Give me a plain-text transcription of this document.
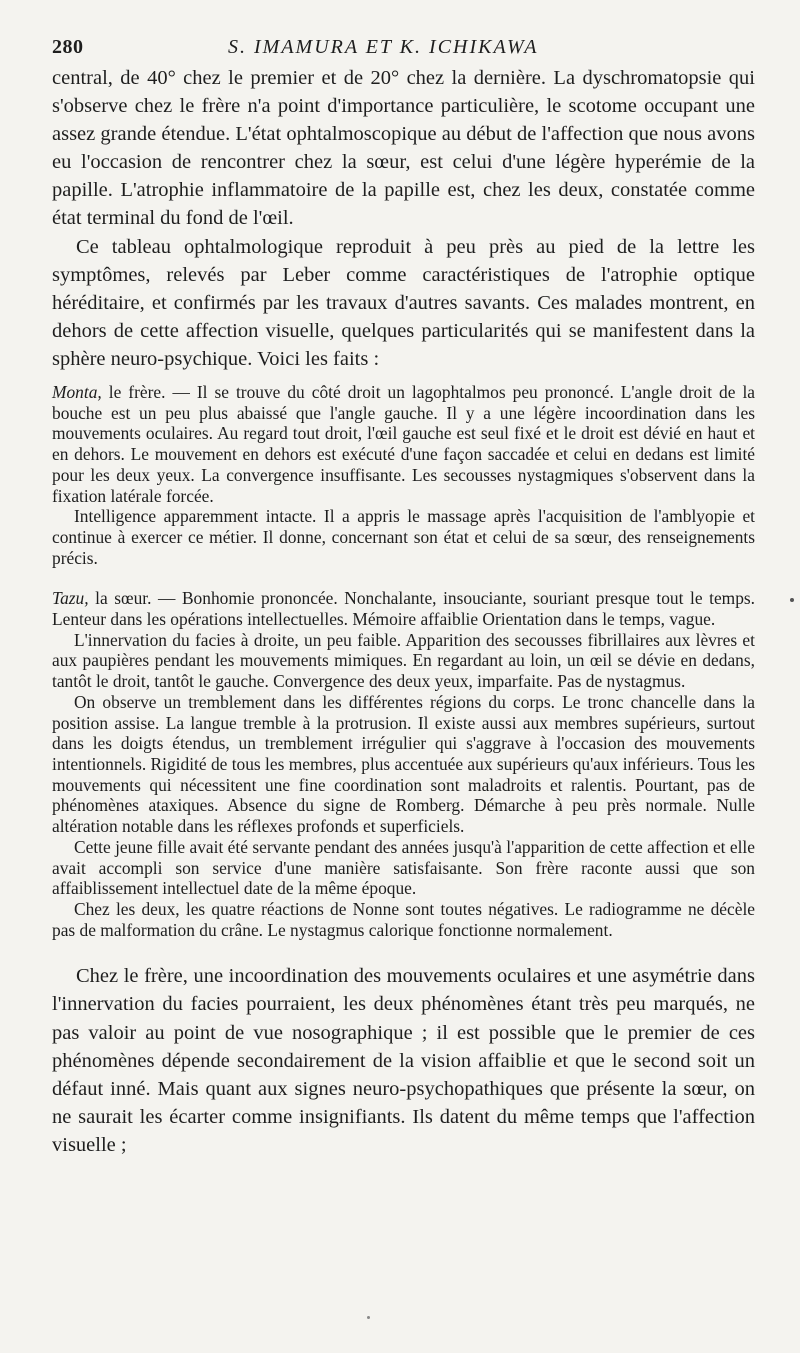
280	S. IMAMURA ET K. ICHIKAWA

central, de 40° chez le premier et de 20° chez la dernière. La dyschromatopsie qui s'observe chez le frère n'a point d'importance particulière, le scotome occupant une assez grande étendue. L'état ophtalmoscopique au début de l'affection que nous avons eu l'occasion de rencontrer chez la sœur, est celui d'une légère hyperémie de la papille. L'atrophie inflammatoire de la papille est, chez les deux, constatée comme état terminal du fond de l'œil.

Ce tableau ophtalmologique reproduit à peu près au pied de la lettre les symptômes, relevés par Leber comme caractéristiques de l'atrophie optique héréditaire, et confirmés par les travaux d'autres savants. Ces malades montrent, en dehors de cette affection visuelle, quelques particularités qui se manifestent dans la sphère neuro-psychique. Voici les faits :

Monta, le frère. — Il se trouve du côté droit un lagophtalmos peu prononcé. L'angle droit de la bouche est un peu plus abaissé que l'angle gauche. Il y a une légère incoordination dans les mouvements oculaires. Au regard tout droit, l'œil gauche est seul fixé et le droit est dévié en haut et en dehors. Le mouvement en dehors est exécuté d'une façon saccadée et celui en dedans est limité pour les deux yeux. La convergence insuffisante. Les secousses nystagmiques s'observent dans la fixation latérale forcée.

Intelligence apparemment intacte. Il a appris le massage après l'acquisition de l'amblyopie et continue à exercer ce métier. Il donne, concernant son état et celui de sa sœur, des renseignements précis.

Tazu, la sœur. — Bonhomie prononcée. Nonchalante, insouciante, souriant presque tout le temps. Lenteur dans les opérations intellectuelles. Mémoire affaiblie Orientation dans le temps, vague.

L'innervation du facies à droite, un peu faible. Apparition des secousses fibrillaires aux lèvres et aux paupières pendant les mouvements mimiques. En regardant au loin, un œil se dévie en dedans, tantôt le droit, tantôt le gauche. Convergence des deux yeux, imparfaite. Pas de nystagmus.

On observe un tremblement dans les différentes régions du corps. Le tronc chancelle dans la position assise. La langue tremble à la protrusion. Il existe aussi aux membres supérieurs, surtout dans les doigts étendus, un tremblement irrégulier qui s'aggrave à l'occasion des mouvements intentionnels. Rigidité de tous les membres, plus accentuée aux supérieurs qu'aux inférieurs. Tous les mouvements qui nécessitent une fine coordination sont maladroits et ralentis. Pourtant, pas de phénomènes ataxiques. Absence du signe de Romberg. Démarche à peu près normale. Nulle altération notable dans les réflexes profonds et superficiels.

Cette jeune fille avait été servante pendant des années jusqu'à l'apparition de cette affection et elle avait accompli son service d'une manière satisfaisante. Son frère raconte aussi que son affaiblissement intellectuel date de la même époque.

Chez les deux, les quatre réactions de Nonne sont toutes négatives. Le radiogramme ne décèle pas de malformation du crâne. Le nystagmus calorique fonctionne normalement.

Chez le frère, une incoordination des mouvements oculaires et une asymétrie dans l'innervation du facies pourraient, les deux phénomènes étant très peu marqués, ne pas valoir au point de vue nosographique ; il est possible que le premier de ces phénomènes dépende secondairement de la vision affaiblie et que le second soit un défaut inné. Mais quant aux signes neuro-psychopathiques que présente la sœur, on ne saurait les écarter comme insignifiants. Ils datent du même temps que l'affection visuelle ;
